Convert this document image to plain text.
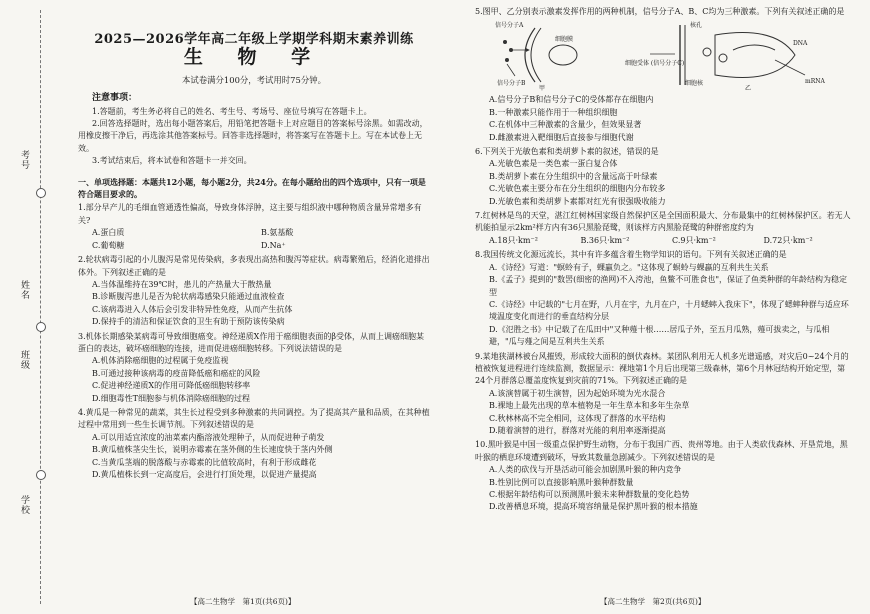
考号
姓名
班级
学校
2025—2026学年高二年级上学期学科期末素养训练
生 物 学
本试卷满分100分，考试用时75分钟。
注意事项：

1.答题前，考生务必将自己的姓名、考生号、考场号、座位号填写在答题卡上。

2.回答选择题时，选出每小题答案后，用铅笔把答题卡上对应题目的答案标号涂黑。如需改动，用橡皮擦干净后，再选涂其他答案标号。回答非选择题时，将答案写在答题卡上。写在本试卷上无效。

3.考试结束后，将本试卷和答题卡一并交回。

一、单项选择题：本题共12小题，每小题2分，共24分。在每小题给出的四个选项中，只有一项是符合题目要求的。

1.部分早产儿的毛细血管通透性偏高，导致身体浮肿，这主要与组织液中哪种物质含量异常增多有关?

A.蛋白质	B.氨基酸
C.葡萄糖	D.Na⁺

2.轮状病毒引起的小儿腹泻是常见传染病，多表现出高热和腹泻等症状。病毒繁殖后，经消化道排出体外。下列叙述正确的是

A.当体温维持在39℃时，患儿的产热量大于散热量

B.诊断腹泻患儿是否为轮状病毒感染只能通过血液检查

C.该病毒进入人体后会引发非特异性免疫，从而产生抗体

D.保持手的清洁和保证饮食的卫生有助于预防该传染病

3.机体长期感染某病毒可导致细胞癌变。神经递质X作用于癌细胞表面的β受体，从而上调癌细胞某蛋白的表达，破坏癌细胞的连接，进而促进癌细胞转移。下列说法错误的是

A.机体消除癌细胞的过程属于免疫监视

B.可通过接种该病毒的疫苗降低癌和癌症的风险

C.促进神经递质X的作用可降低癌细胞转移率

D.细胞毒性T细胞参与机体消除癌细胞的过程

4.黄瓜是一种常见的蔬菜，其生长过程受到多种激素的共同调控。为了提高其产量和品质，在其种植过程中常用到一些生长调节剂。下列叙述错误的是

A.可以用适宜浓度的油菜素内酯溶液处理种子，从而促进种子萌发

B.黄瓜植株茎尖生长，说明赤霉素在茎外侧的生长速度快于茎内外侧

C.当黄瓜茎端的脱落酸与赤霉素的比值较高时，有利于形成雌花

D.黄瓜植株长到一定高度后，会进行打顶处理，以促进产量提高

【高二生物学　第1页(共6页)】

5.图甲、乙分别表示激素发挥作用的两种机制，信号分子A、B、C均为三种激素。下列有关叙述正确的是

信号分子A
细胞膜
信号分子B
甲
核孔
细胞受体 (信号分子C)
细胞核
DNA
mRNA
乙

A.信号分子B和信号分子C的受体都存在细胞内

B.一种激素只能作用于一种组织细胞

C.在机体中三种激素的含量少，但效果显著

D.雌激素进入靶细胞后直接参与细胞代谢

6.下列关于光敏色素和类胡萝卜素的叙述，错误的是

A.光敏色素是一类色素一蛋白复合体

B.类胡萝卜素在分生组织中的含量远高于叶绿素

C.光敏色素主要分布在分生组织的细胞内分布较多

D.光敏色素和类胡萝卜素都对红光有很强吸收能力

7.红树林是鸟的天堂，湛江红树林国家级自然保护区是全国面积最大、分布最集中的红树林保护区。若无人机能拍显示2km²样方内有36只黑脸琵鹭，则该样方内黑脸琵鹭的种群密度约为

A.18只·km⁻²	B.36只·km⁻²	C.9只·km⁻²	D.72只·km⁻²

8.我国传统文化源远流长，其中有许多蕴含着生物学知识的语句。下列有关叙述正确的是

A.《诗经》写道："螟蛉有子，蜾蠃负之。"这体现了螟蛉与蜾蠃的互利共生关系

B.《孟子》提到的"数罟(细密的渔网)不入洿池，鱼鳖不可胜食也"，保证了鱼类种群的年龄结构为稳定型

C.《诗经》中记载的"七月在野，八月在宇，九月在户，十月蟋蟀入我床下"，体现了蟋蟀种群与适应环境温度变化而进行的垂直结构分层

D.《氾胜之书》中记载了在瓜田中"又种薤十根……居瓜子外，至五月瓜熟，薤可拔卖之，与瓜相避，"瓜与薤之间是互利共生关系

9.某地狭湖林被台风摧毁，形成较大面积的倒伏森林。某团队利用无人机多光谱遥感，对灾后0~24个月的植被恢复进程进行连续监测，数据显示：裸地第1个月后出现第三级森林，第6个月林冠结构开始定型，第24个月群落总覆盖度恢复到灾前的71%。下列叙述正确的是

A.该演替属于初生演替，因为起始环境为光水混合

B.裸地上最先出现的草本植物是一年生草本和多年生杂草

C.秋林林高不完全相同，这体现了群落的水平结构

D.随着演替的进行，群落对光能的利用率逐渐提高

10.黑叶猴是中国一级重点保护野生动物，分布于我国广西、贵州等地。由于人类砍伐森林、开垦荒地，黑叶猴的栖息环境遭到破坏，导致其数量急剧减少。下列叙述错误的是

A.人类的砍伐与开垦活动可能会加剧黑叶猴的种内竞争

B.性别比例可以直接影响黑叶猴种群数量

C.根据年龄结构可以预测黑叶猴未来种群数量的变化趋势

D.改善栖息环境，提高环境容纳量是保护黑叶猴的根本措施

【高二生物学　第2页(共6页)】
